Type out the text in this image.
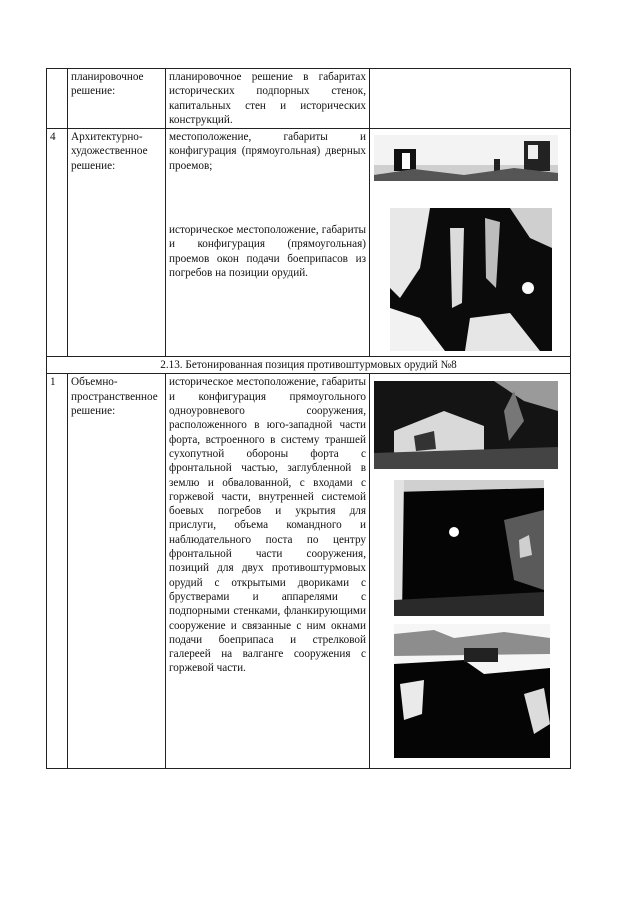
	планировочное решение:	планировочное решение в габаритах исторических подпорных стенок, капитальных стен и исторических конструкций.	

4	Архитектурно-художественное решение:	местоположение, габариты и конфигурация (прямоугольная) дверных проемов;

историческое местоположение, габариты и конфигурация (прямоугольная) проемов окон подачи боеприпасов из погребов на позиции орудий.

2.13. Бетонированная позиция противоштурмовых орудий №8			
1	Объемно-пространственное решение:	историческое местоположение, габариты и конфигурация прямоугольного одноуровневого сооружения, расположенного в юго-западной части форта, встроенного в систему траншей сухопутной обороны форта с фронтальной частью, заглубленной в землю и обвалованной, с входами с горжевой части, внутренней системой боевых погребов и укрытия для прислуги, объема командного и наблюдательного поста по центру фронтальной части сооружения, позиций для двух противоштурмовых орудий с открытыми двориками с брустверами и аппарелями с подпорными стенками, фланкирующими сооружение и связанные с ним окнами подачи боеприпаса и стрелковой галереей на валганге сооружения с горжевой части.
